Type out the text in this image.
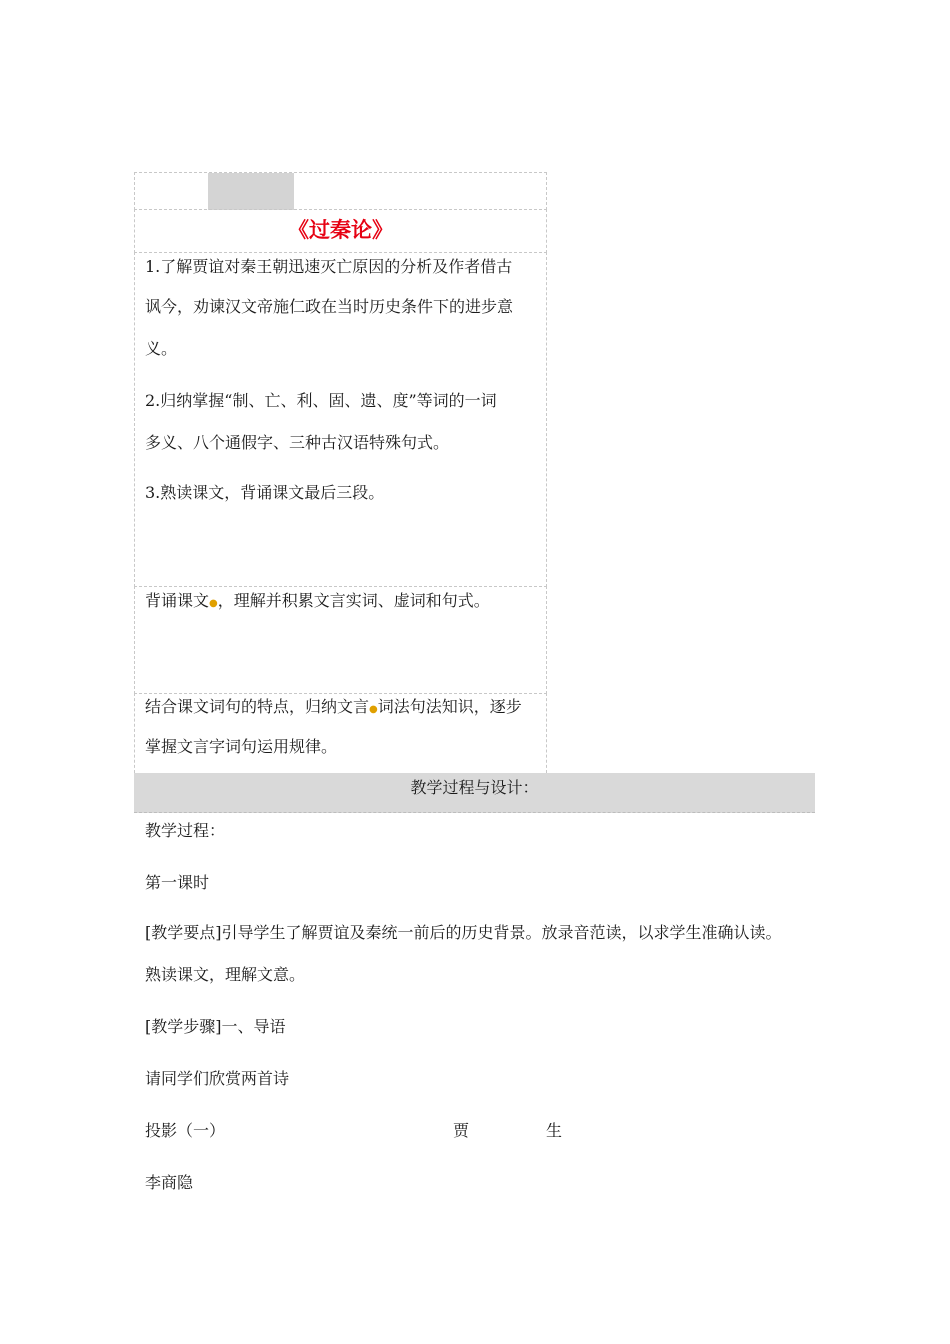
《过秦论》

1.了解贾谊对秦王朝迅速灭亡原因的分析及作者借古

讽今，劝谏汉文帝施仁政在当时历史条件下的进步意

义。

2.归纳掌握“制、亡、利、固、遗、度”等词的一词

多义、八个通假字、三种古汉语特殊句式。

3.熟读课文，背诵课文最后三段。

背诵课文●，理解并积累文言实词、虚词和句式。

结合课文词句的特点，归纳文言●词法句法知识，逐步

掌握文言字词句运用规律。

教学过程与设计：
教学过程：
第一课时
[教学要点]引导学生了解贾谊及秦统一前后的历史背景。放录音范读，以求学生准确认读。
熟读课文，理解文意。
[教学步骤]一、导语
请同学们欣赏两首诗
投影（一）	贾	生
李商隐
